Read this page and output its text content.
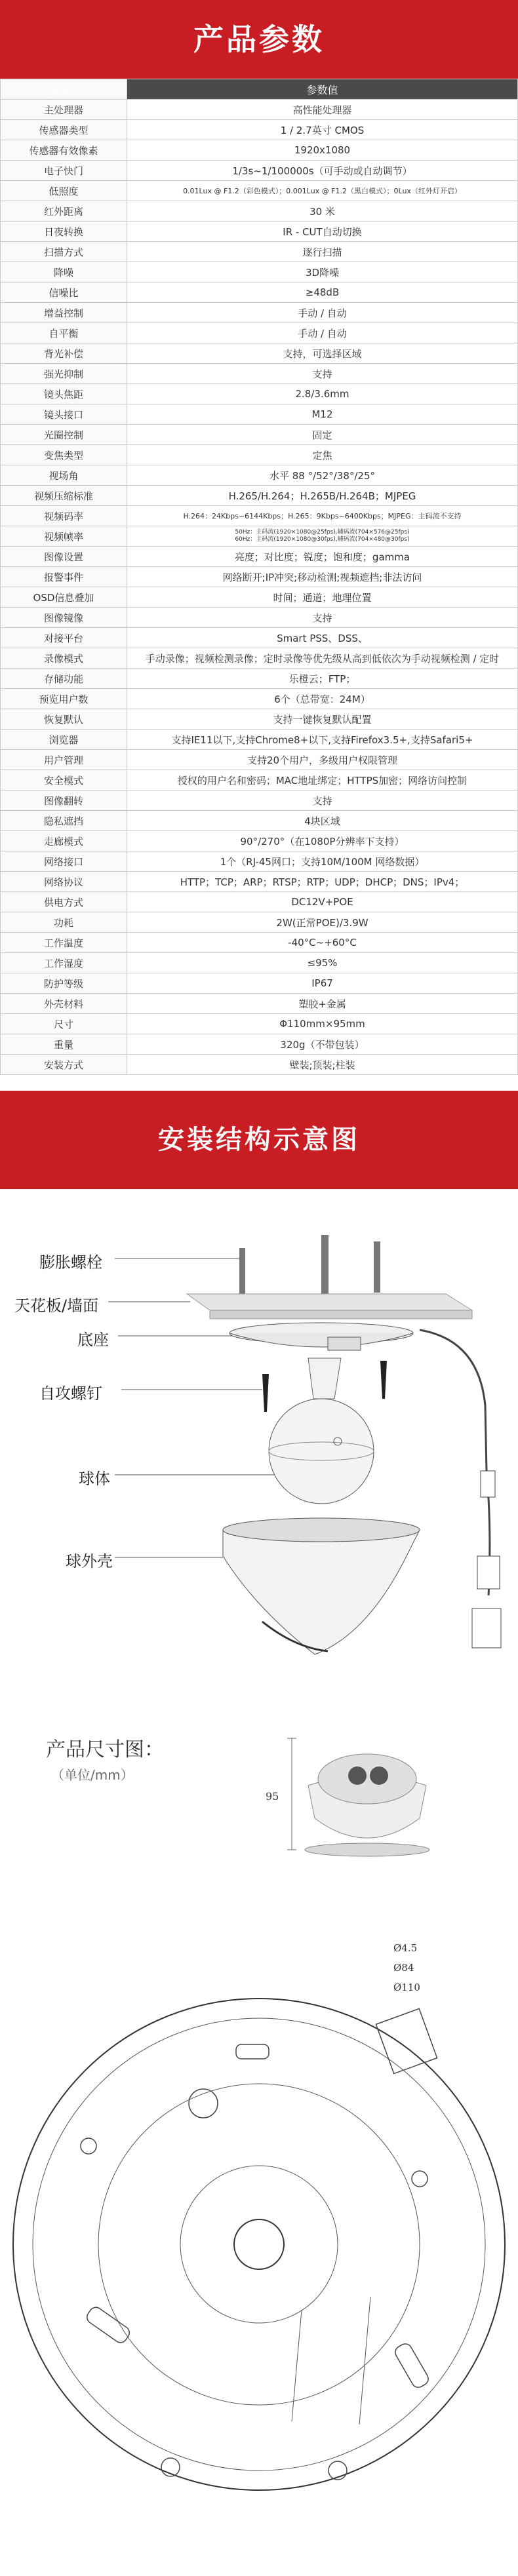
产品参数
参数名	参数值
主处理器	高性能处理器
传感器类型	1 / 2.7英寸 CMOS
传感器有效像素	1920x1080
电子快门	1/3s~1/100000s（可手动或自动调节）
低照度	0.01Lux @ F1.2（彩色模式）；0.001Lux @ F1.2（黑白模式）；0Lux（红外灯开启）
红外距离	30 米
日夜转换	IR - CUT自动切换
扫描方式	逐行扫描
降噪	3D降噪
信噪比	≥48dB
增益控制	手动 / 自动
自平衡	手动 / 自动
背光补偿	支持，可选择区域
强光抑制	支持
镜头焦距	2.8/3.6mm
镜头接口	M12
光圈控制	固定
变焦类型	定焦
视场角	水平 88 °/52°/38°/25°
视频压缩标准	H.265/H.264；H.265B/H.264B；MJPEG
视频码率	H.264：24Kbps~6144Kbps；H.265：9Kbps~6400Kbps；MJPEG：主码流不支持
视频帧率	50Hz：主码流(1920×1080@25fps),辅码流(704×576@25fps)
60Hz：主码流(1920×1080@30fps),辅码流(704×480@30fps)
图像设置	亮度；对比度；锐度；饱和度；gamma
报警事件	网络断开;IP冲突;移动检测;视频遮挡;非法访问
OSD信息叠加	时间；通道；地理位置
图像镜像	支持
对接平台	Smart PSS、DSS、
录像模式	手动录像；视频检测录像；定时录像等优先级从高到低依次为手动视频检测 / 定时
存储功能	乐橙云；FTP；
预览用户数	6个（总带宽：24M）
恢复默认	支持一键恢复默认配置
浏览器	支持IE11以下,支持Chrome8+以下,支持Firefox3.5+,支持Safari5+
用户管理	支持20个用户，多级用户权限管理
安全模式	授权的用户名和密码；MAC地址绑定；HTTPS加密；网络访问控制
图像翻转	支持
隐私遮挡	4块区域
走廊模式	90°/270°（在1080P分辨率下支持）
网络接口	1个（RJ-45网口；支持10M/100M 网络数据）
网络协议	HTTP；TCP；ARP；RTSP；RTP；UDP；DHCP；DNS；IPv4；
供电方式	DC12V+POE
功耗	2W(正常POE)/3.9W
工作温度	-40°C~+60°C
工作湿度	≤95%
防护等级	IP67
外壳材料	塑胶+金属
尺寸	Φ110mm×95mm
重量	320g（不带包装）
安装方式	壁装;顶装;柱装
安装结构示意图
膨胀螺栓
天花板/墙面
底座
自攻螺钉
球体
球外壳
产品尺寸图：
（单位/mm）
95
Ø4.5
Ø84
Ø110
